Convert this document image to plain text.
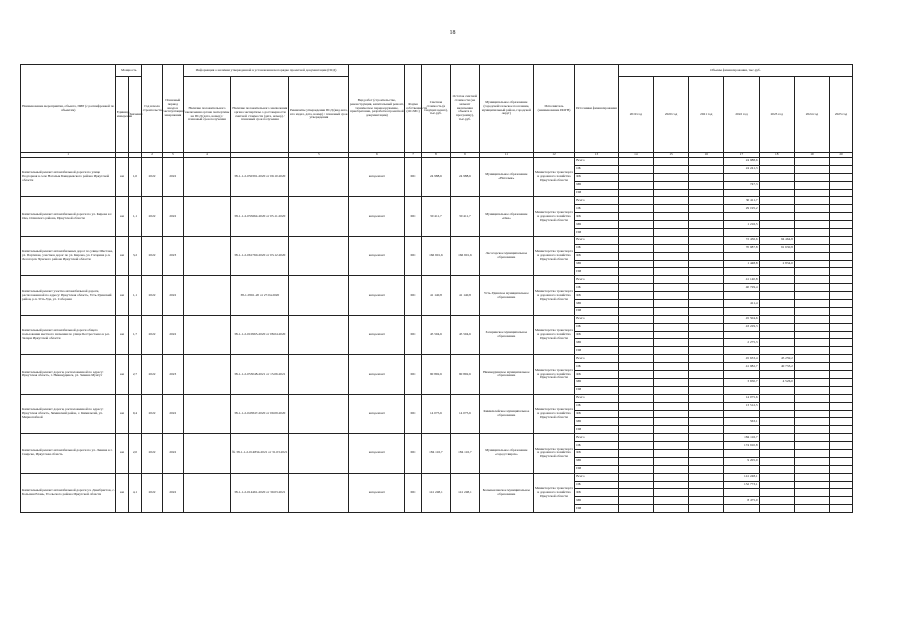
18
Наименование мероприятия, объекта, ПИР (с расшифровкой по объектам)	Мощность		Год начала строительства	Плановый период ввода в эксплуатацию/завершения	Информация о наличии утвержденной в установленном порядке проектной документации (ПСД)			Вид работ (строительство, реконструкция, капитальный ремонт, техническое перевооружение, приобретение, разработка проектной документации)	Форма собственности (ОС/МС)	Сметная стоимость (в текущих ценах), тыс.руб.	Остаток сметной стоимости (на момент включения объекта в программу), тыс.руб.	Муниципальное образование (городской/сельское поселение, муниципальный район, городской округ)	Исполнитель (наименование ИОГВ)	Источники финансирования	Объемы финансирования, тыс.руб.						
	Единица измерения	Значение			Наличие положительного заключения органа экспертизы на ПСД (дата, номер) / плановый срок получения	Наличие положительного заключения органа экспертизы о достоверности сметной стоимости (дата, номер) / плановый срок получения	Реквизиты утверждения ПСД (вид акта, кто издал, дата, номер) / плановый срок утверждения								2019 год	2020 год	2021 год	2022 год	2023 год	2024 год	2025 год

1			2	3	4		5	6	7	8	9	11	12	13	14	15	16	17	18	19	20
Капитальный ремонт автомобильной дороги по улице Подгорная в селе Нагалык Баяндаевского района Иркутской области	км	1,0	2022	2022		38-1-1-2-050391-2020 от 09.10.2020		кап.ремонт	МС	24 988,6	24 988,6	Муниципальное образование «Нагалык»	Министерство транспорта и дорожного хозяйства Иркутской области	Всего				24 988,6			
														ОБ				24 241,3			
														ФБ							
														МБ				747,3			
														ИИ							
Капитальный ремонт автомобильной дороги по ул. Кирова в г. Ока, Осинского района, Иркутской области	км	1,1	2022	2022		38-1-1-2-055664-2020 от 05.11.2020		кап.ремонт	МС	30 411,7	30 411,7	Муниципальное образование «Ока»	Министерство транспорта и дорожного хозяйства Иркутской области	Всего				30 411,7			
														ОБ				29 195,2			
														ФБ							
														МБ				1 216,5			
														ИИ							
Капитальный ремонт автомобильных дорог по улице Шестака, ул. Партизан, участков дорог по ул. Кирова, ул. Гагарина р.п. Лесогорск Чунского района Иркутской области	км	3,2	2022	2023		38-1-1-2-061760-2020 от 03.12.2020		кап.ремонт	МС	166 901,6	166 901,6	Лесогорское муниципальное образование	Министерство транспорта и дорожного хозяйства Иркутской области	Всего				72 436,6	94 464,8		
														ОБ				70 987,8	91 630,8		
														ФБ							
														МБ				1 448,8	2 834,0		
														ИИ							
Капитальный ремонт участка автомобильной дороги, расположенной по адресу: Иркутская область, Усть-Удинский район, р.п. Усть-Уда, ул. Соборная	км	1,1	2022	2022		38-1-0561-20 от 27.04.2020		кап.ремонт	МС	41 140,8	41 140,8	Усть-Удинское муниципальное образование	Министерство транспорта и дорожного хозяйства Иркутской области	Всего				41 140,8			
														ОБ				40 729,4			
														ФБ							
														МБ				411,4			
														ИИ							
Капитальный ремонт автомобильной дороги общего пользования местного значения по улице Бестрестаево в р.п. Залари Иркутской области	км	1,7	2022	2022		38-1-1-2-010965-2020 от 08.04.2020		кап.ремонт	МС	45 504,6	45 504,6	Заларинское муниципальное образование	Министерство транспорта и дорожного хозяйства Иркутской области	Всего				45 504,6			
														ОБ				43 229,3			
														ФБ							
														МБ				2 275,3			
														ИИ							
Капитальный ремонт дороги, расположенной по адресу: Иркутская область, г. Нижнеудинск, ул. Змеина Мунгут	км	2,7	2022	2023		38-1-1-2-053048-2021 от 15.06.2021		кап.ремонт	МС	90 892,6	90 892,6	Нижнеудинское муниципальное образование	Министерство транспорта и дорожного хозяйства Иркутской области	Всего				45 633,4	45 259,2		
														ОБ				41 982,7	40 733,2		
														ФБ							
														МБ				3 650,7	4 526,0		
														ИИ							
Капитальный ремонт дороги, расположенной по адресу: Иркутская область, Зиминский район, с. Кимильтей, ул. Мирнопобной	км	0,4	2022	2022		38-1-1-2-045847-2020 от 09.09.2020		кап.ремонт	МС	14 075,6	14 075,6	Кимильтейское муниципальное образование	Министерство транспорта и дорожного хозяйства Иркутской области	Всего				14 075,6			
														ОБ				13 512,5			
														ФБ							
														МБ				563,1			
														ИИ							
Капитальный ремонт автомобильной дороги по ул. Ленина в г. Свирске, Иркутская область	км	2,0	2022	2022		№ 38-1-1-2-014834-2021 от 31.03.2021		кап.ремонт	МС	184 116,7	184 116,7	Муниципальное образование «город Свирск»	Министерство транспорта и дорожного хозяйства Иркутской области	Всего				184 116,7			
														ОБ				174 910,8			
														ФБ							
														МБ				9 205,9			
														ИИ							
Капитальный ремонт автомобильной дороги ул. Декабристов, с. Большая Елань, Усольского района Иркутской области	км	4,1	2022	2022		38-1-1-2-014461-2020 от 30.03.2021		кап.ремонт	МС	141 248,1	141 248,1	Большееланское муниципальное образование	Министерство транспорта и дорожного хозяйства Иркутской области	Всего				141 248,1			
														ОБ				132 773,1			
														ФБ							
														МБ				8 475,0			
														ИИ							
